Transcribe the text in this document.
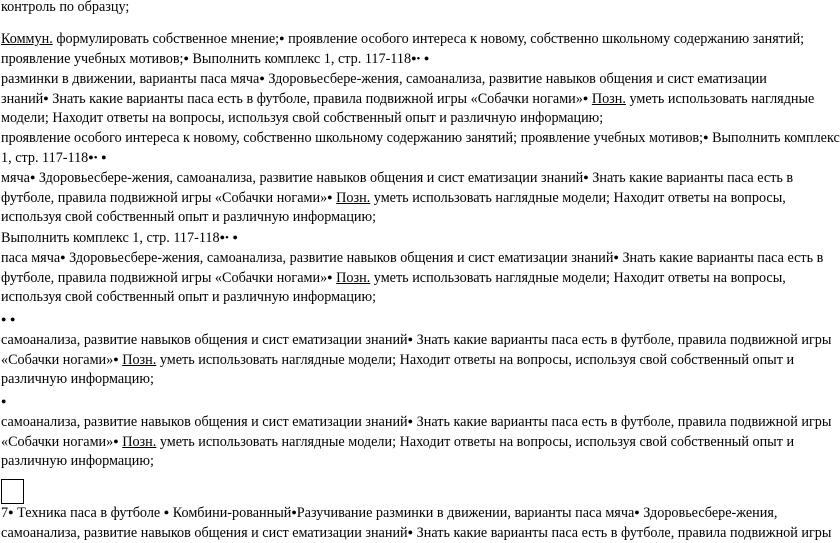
контроль по образцу;

Коммун. формулировать собственное мнение;● проявление особого интереса к новому, собственно школьному содержанию занятий;
проявление учебных мотивов;● Выполнить комплекс 1, стр. 117-118●• ●
разминки в движении, варианты паса мяча● Здоровьесбере-жения, самоанализа, развитие навыков общения и сист ематизации
знаний● Знать какие варианты паса есть в футболе, правила подвижной игры «Собачки ногами»● Позн. уметь использовать наглядные
модели; Находит ответы на вопросы, используя свой собственный опыт и различную информацию;

проявление особого интереса к новому, собственно школьному содержанию занятий; проявление учебных мотивов;● Выполнить комплекс
1, стр. 117-118●• ●
мяча● Здоровьесбере-жения, самоанализа, развитие навыков общения и сист ематизации знаний● Знать какие варианты паса есть в
футболе, правила подвижной игры «Собачки ногами»● Позн. уметь использовать наглядные модели; Находит ответы на вопросы,
используя свой собственный опыт и различную информацию;

Выполнить комплекс 1, стр. 117-118●• ●
паса мяча● Здоровьесбере-жения, самоанализа, развитие навыков общения и сист ематизации знаний● Знать какие варианты паса есть в
футболе, правила подвижной игры «Собачки ногами»● Позн. уметь использовать наглядные модели; Находит ответы на вопросы,
используя свой собственный опыт и различную информацию;

● ●
самоанализа, развитие навыков общения и сист ематизации знаний● Знать какие варианты паса есть в футболе, правила подвижной игры
«Собачки ногами»● Позн. уметь использовать наглядные модели; Находит ответы на вопросы, используя свой собственный опыт и
различную информацию;

●
самоанализа, развитие навыков общения и сист ематизации знаний● Знать какие варианты паса есть в футболе, правила подвижной игры
«Собачки ногами»● Позн. уметь использовать наглядные модели; Находит ответы на вопросы, используя свой собственный опыт и
различную информацию;

7● Техника паса в футболе ● Комбини-рованный●Разучивание разминки в движении, варианты паса мяча● Здоровьесбере-жения,
самоанализа, развитие навыков общения и сист ематизации знаний● Знать какие варианты паса есть в футболе, правила подвижной игры
